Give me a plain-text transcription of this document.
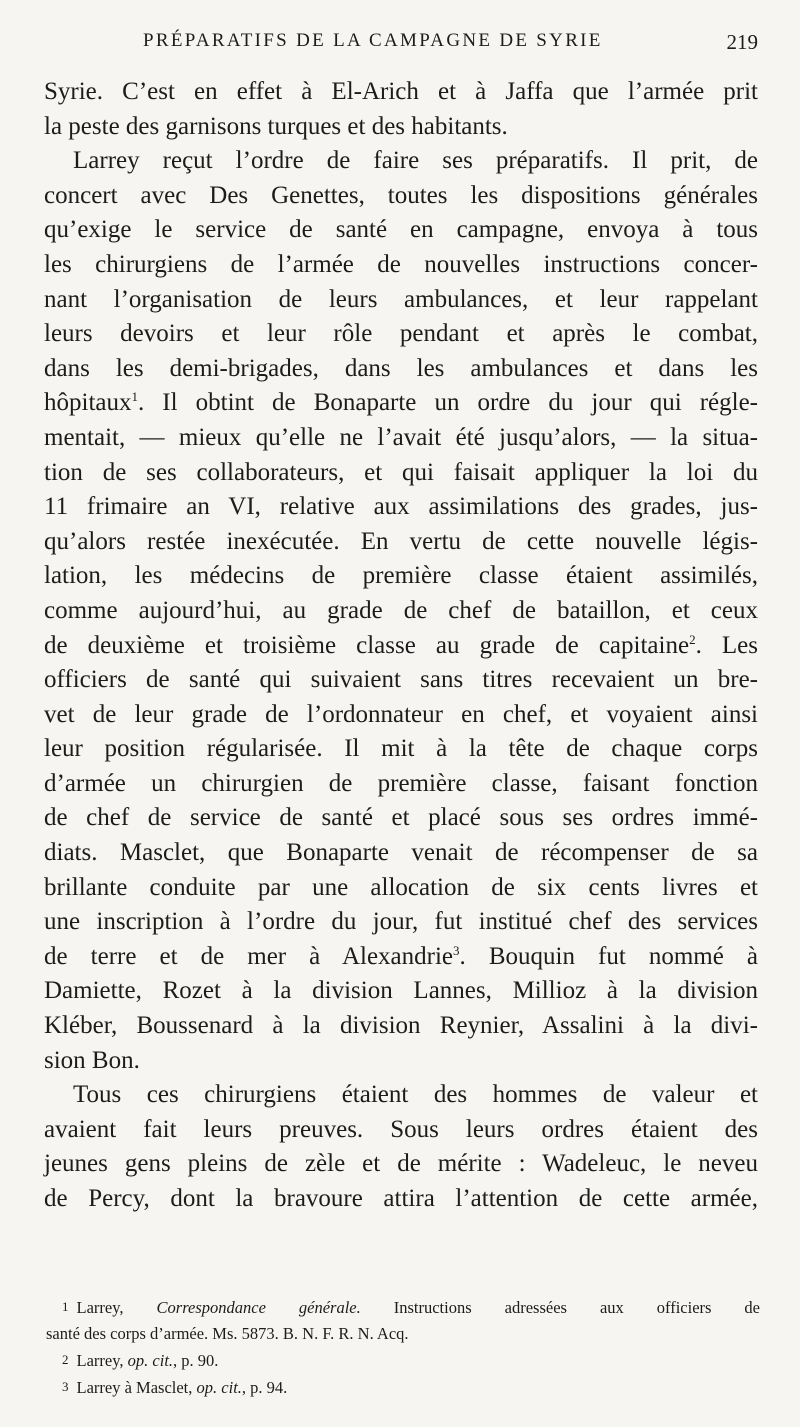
PRÉPARATIFS DE LA CAMPAGNE DE SYRIE	219
Syrie. C’est en effet à El-Arich et à Jaffa que l’armée prit
la peste des garnisons turques et des habitants.
Larrey reçut l’ordre de faire ses préparatifs. Il prit, de
concert avec Des Genettes, toutes les dispositions générales
qu’exige le service de santé en campagne, envoya à tous
les chirurgiens de l’armée de nouvelles instructions concer-
nant l’organisation de leurs ambulances, et leur rappelant
leurs devoirs et leur rôle pendant et après le combat,
dans les demi-brigades, dans les ambulances et dans les
hôpitaux$^1$. Il obtint de Bonaparte un ordre du jour qui régle-
mentait, — mieux qu’elle ne l’avait été jusqu’alors, — la situa-
tion de ses collaborateurs, et qui faisait appliquer la loi du
11 frimaire an VI, relative aux assimilations des grades, jus-
qu’alors restée inexécutée. En vertu de cette nouvelle légis-
lation, les médecins de première classe étaient assimilés,
comme aujourd’hui, au grade de chef de bataillon, et ceux
de deuxième et troisième classe au grade de capitaine$^2$. Les
officiers de santé qui suivaient sans titres recevaient un bre-
vet de leur grade de l’ordonnateur en chef, et voyaient ainsi
leur position régularisée. Il mit à la tête de chaque corps
d’armée un chirurgien de première classe, faisant fonction
de chef de service de santé et placé sous ses ordres immé-
diats. Masclet, que Bonaparte venait de récompenser de sa
brillante conduite par une allocation de six cents livres et
une inscription à l’ordre du jour, fut institué chef des services
de terre et de mer à Alexandrie$^3$. Bouquin fut nommé à
Damiette, Rozet à la division Lannes, Millioz à la division
Kléber, Boussenard à la division Reynier, Assalini à la divi-
sion Bon.
Tous ces chirurgiens étaient des hommes de valeur et
avaient fait leurs preuves. Sous leurs ordres étaient des
jeunes gens pleins de zèle et de mérite : Wadeleuc, le neveu
de Percy, dont la bravoure attira l’attention de cette armée,
1 Larrey, Correspondance générale. Instructions adressées aux officiers de
santé des corps d’armée. Ms. 5873. B. N. F. R. N. Acq.
2 Larrey, op. cit., p. 90.
3 Larrey à Masclet, op. cit., p. 94.
